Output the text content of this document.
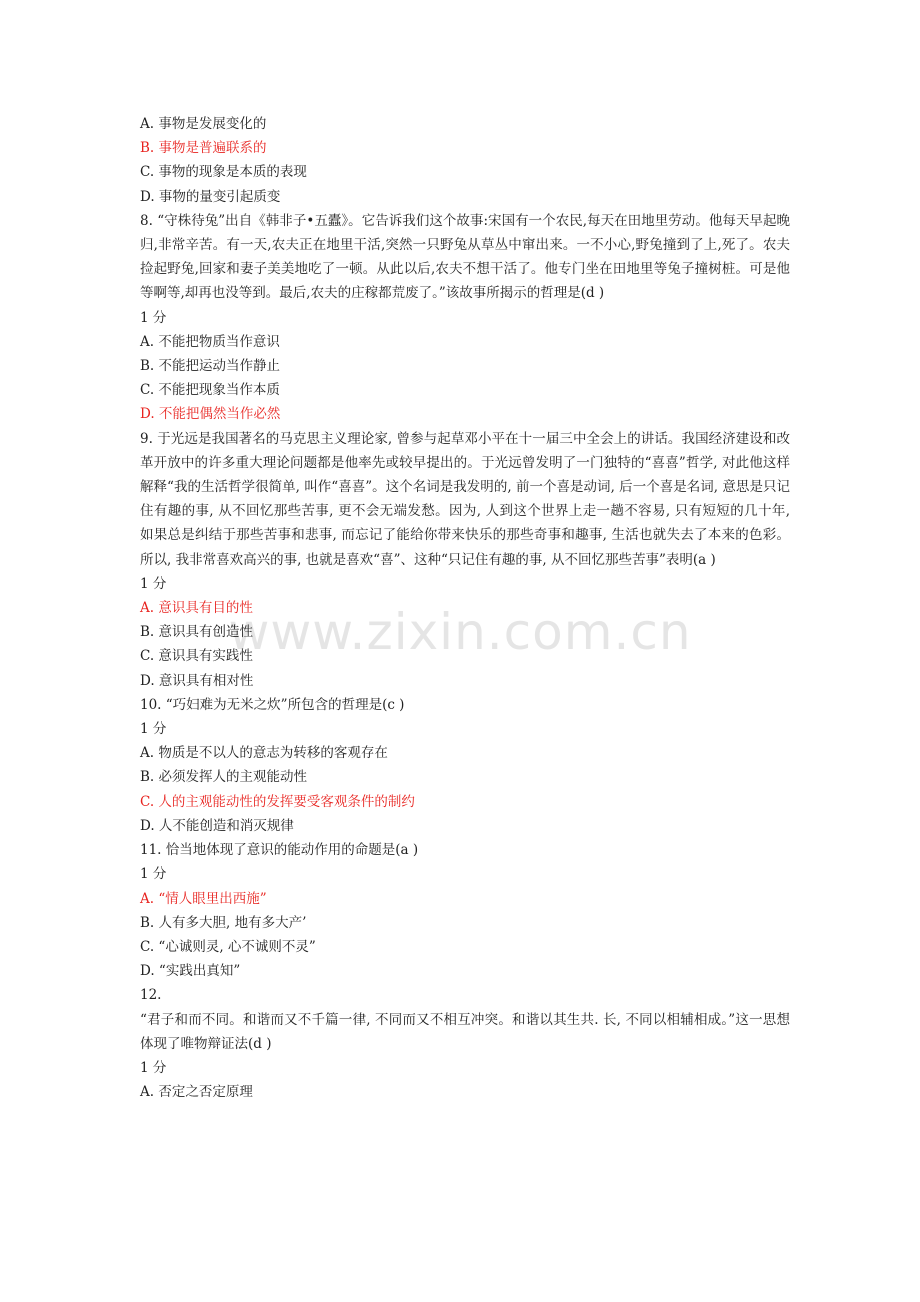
www.zixin.com.cn
A. 事物是发展变化的
B. 事物是普遍联系的
C. 事物的现象是本质的表现
D. 事物的量变引起质变
8. “守株待兔”出自《韩非子•五蠹》。它告诉我们这个故事:宋国有一个农民,每天在田地里劳动。他每天早起晚归,非常辛苦。有一天,农夫正在地里干活,突然一只野兔从草丛中窜出来。一不小心,野兔撞到了上,死了。农夫捡起野兔,回家和妻子美美地吃了一顿。从此以后,农夫不想干活了。他专门坐在田地里等兔子撞树桩。可是他等啊等,却再也没等到。最后,农夫的庄稼都荒废了。”该故事所揭示的哲理是(d )
1 分
A. 不能把物质当作意识
B. 不能把运动当作静止
C. 不能把现象当作本质
D. 不能把偶然当作必然
9. 于光远是我国著名的马克思主义理论家, 曾参与起草邓小平在十一届三中全会上的讲话。我国经济建设和改革开放中的许多重大理论问题都是他率先或较早提出的。于光远曾发明了一门独特的“喜喜”哲学, 对此他这样解释“我的生活哲学很简单, 叫作“喜喜”。这个名词是我发明的, 前一个喜是动词, 后一个喜是名词, 意思是只记住有趣的事, 从不回忆那些苦事, 更不会无端发愁。因为, 人到这个世界上走一趟不容易, 只有短短的几十年, 如果总是纠结于那些苦事和悲事, 而忘记了能给你带来快乐的那些奇事和趣事, 生活也就失去了本来的色彩。所以, 我非常喜欢高兴的事, 也就是喜欢“喜”、这种“只记住有趣的事, 从不回忆那些苦事”表明(a )
1 分
A. 意识具有目的性
B. 意识具有创造性
C. 意识具有实践性
D. 意识具有相对性
10. “巧妇难为无米之炊”所包含的哲理是(c )
1 分
A. 物质是不以人的意志为转移的客观存在
B. 必须发挥人的主观能动性
C. 人的主观能动性的发挥要受客观条件的制约
D. 人不能创造和消灭规律
11. 恰当地体现了意识的能动作用的命题是(a )
1 分
A. “情人眼里出西施”
B. 人有多大胆, 地有多大产’
C. “心诚则灵, 心不诚则不灵”
D. “实践出真知”
12.
“君子和而不同。和谐而又不千篇一律, 不同而又不相互冲突。和谐以其生共. 长, 不同以相辅相成。”这一思想体现了唯物辩证法(d )
1 分
A. 否定之否定原理
